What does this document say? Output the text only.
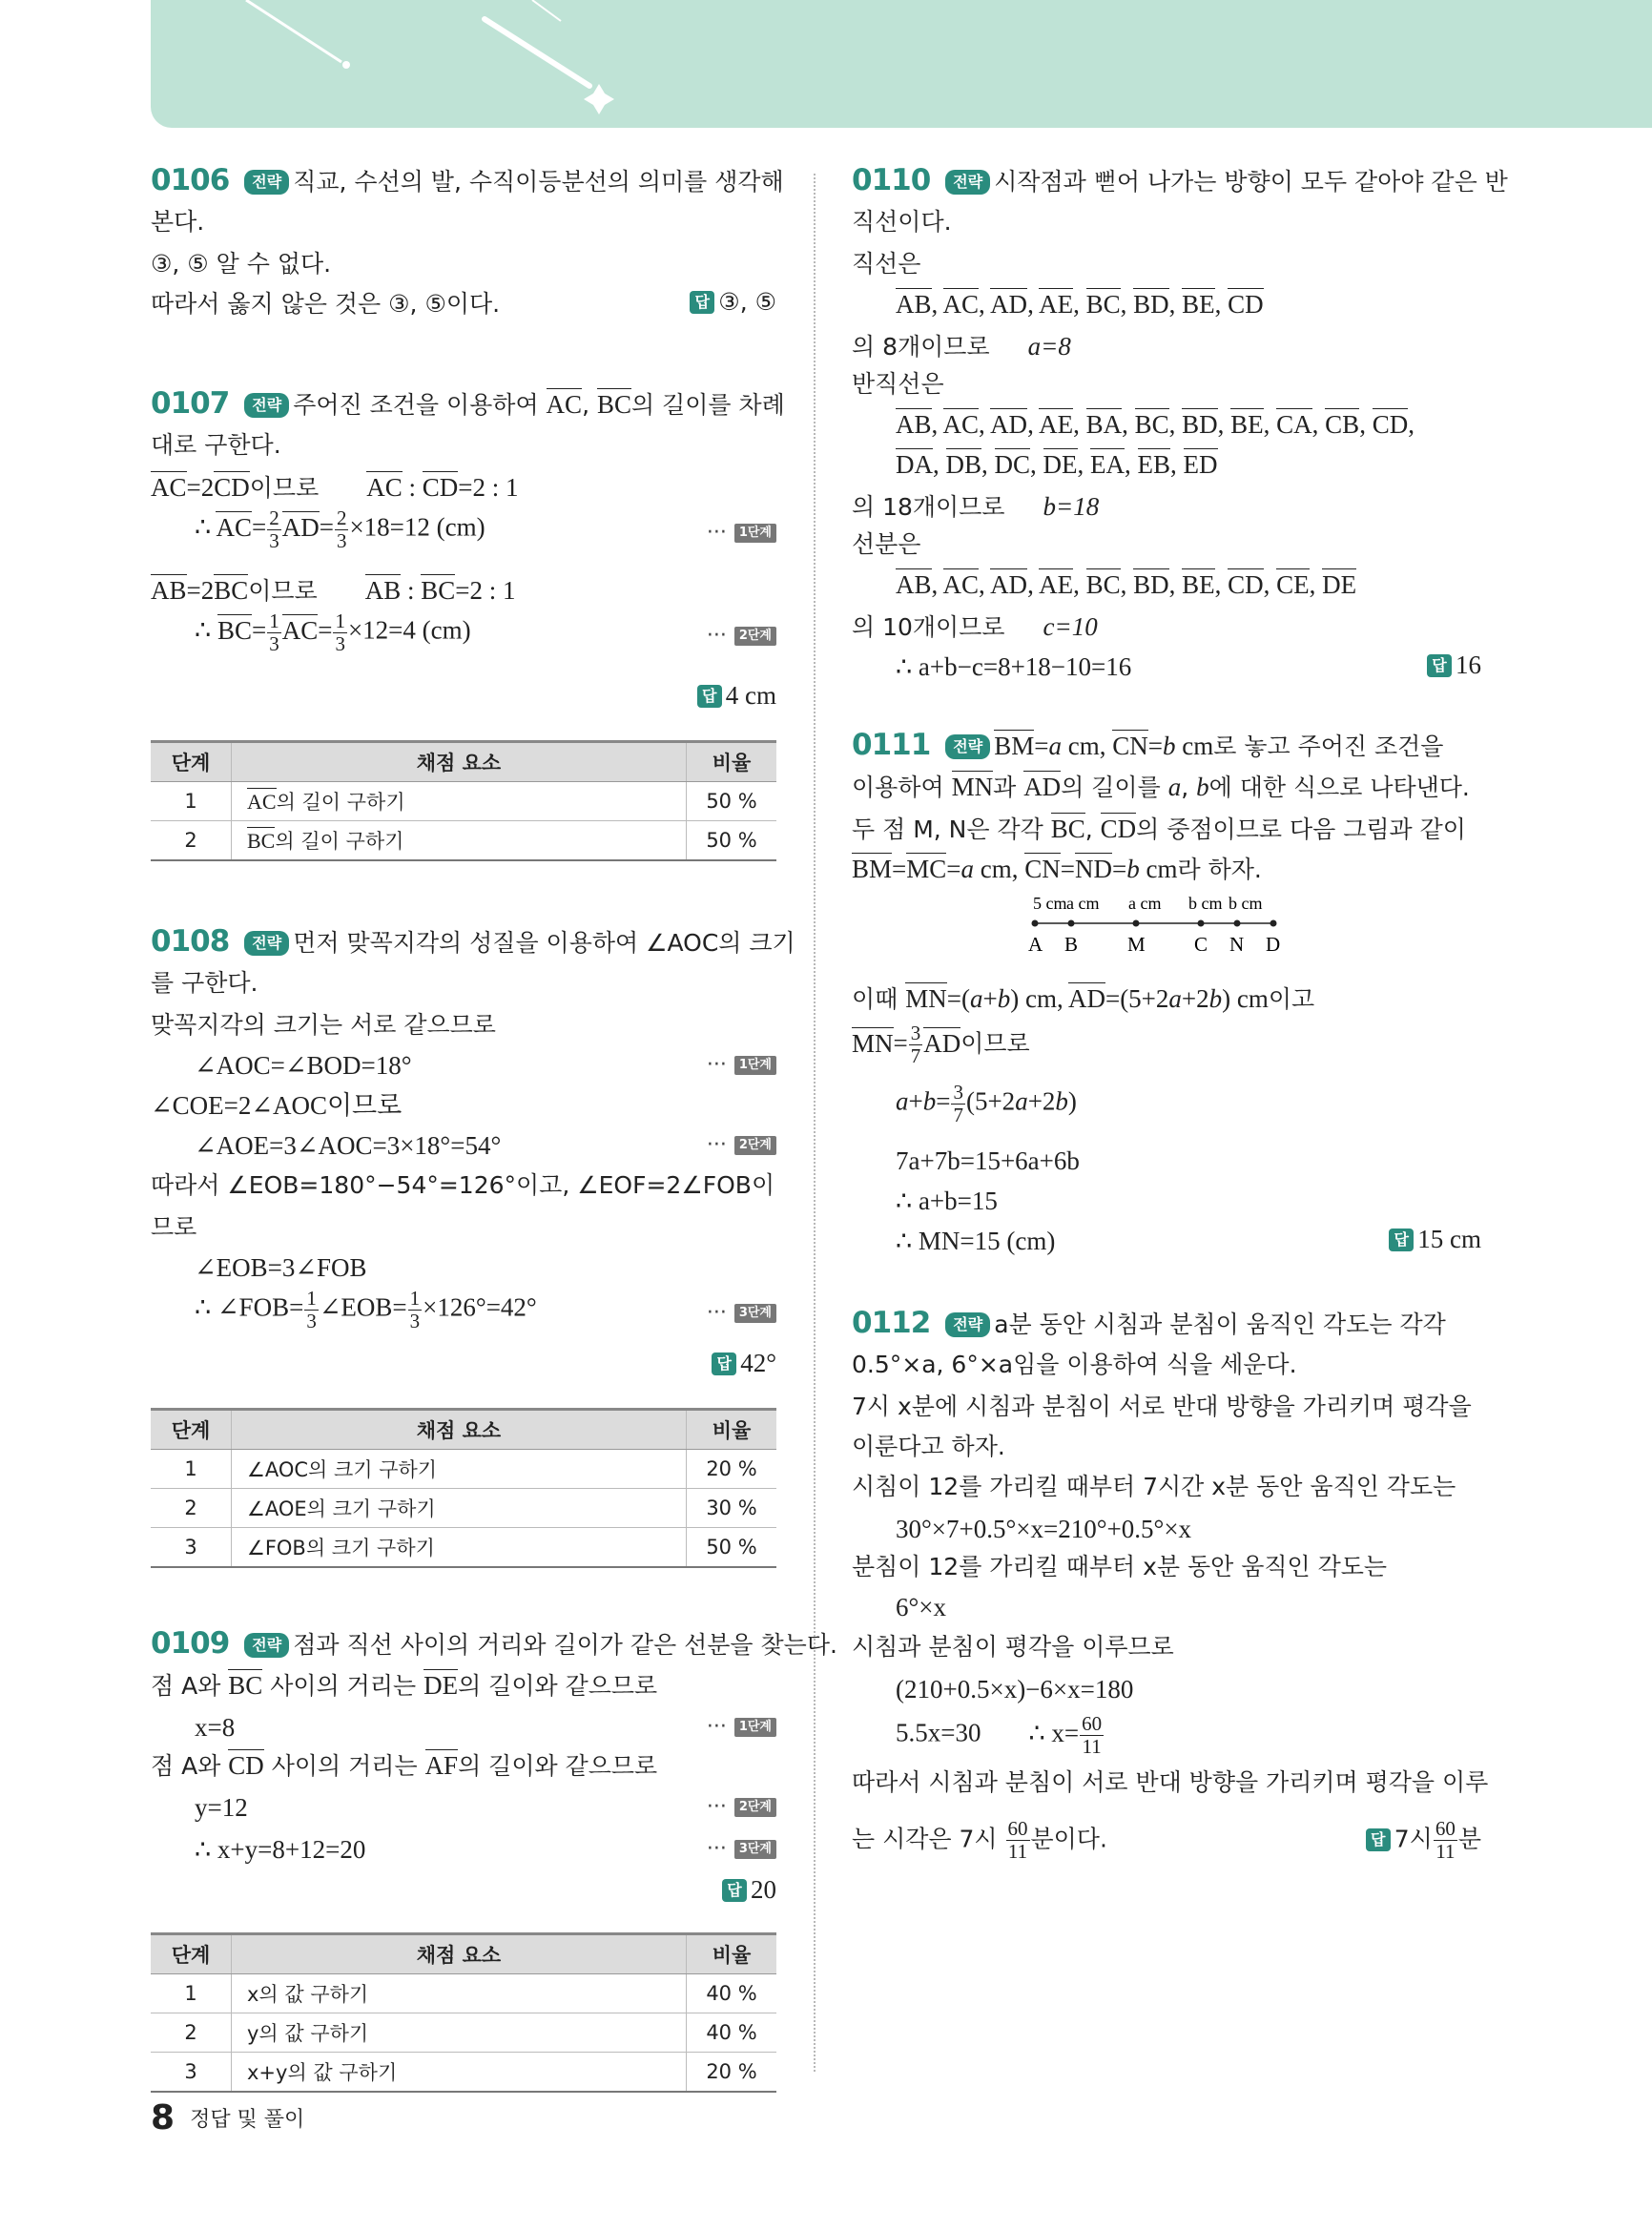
0106 전략 직교, 수선의 발, 수직이등분선의 의미를 생각해
본다.
③, ⑤ 알 수 없다.
따라서 옳지 않은 것은 ③, ⑤이다.	답 ③, ⑤
0107 전략 주어진 조건을 이용하여 AC, BC의 길이를 차례
대로 구한다.
AC=2CD이므로 AC : CD=2 : 1
∴ $AC= \frac{2}{3} AD= \frac{2}{3} \times 18=12$ (cm)	··· 1단계
AB=2BC이므로 AB : BC=2 : 1
∴ $BC= \frac{1}{3} AC= \frac{1}{3} \times 12=4$ (cm)	··· 2단계
답 4 cm
단계	채점 요소	비율
1	AC의 길이 구하기	50 %
2	BC의 길이 구하기	50 %
0108 전략 먼저 맞꼭지각의 성질을 이용하여 ∠AOC의 크기
를 구한다.
맞꼭지각의 크기는 서로 같으므로
∠AOC=∠BOD=18°	··· 1단계
∠COE=2∠AOC이므로
∠AOE=3∠AOC=3×18°=54°	··· 2단계
따라서 ∠EOB=180°−54°=126°이고, ∠EOF=2∠FOB이
므로
∠EOB=3∠FOB
∴ ∠FOB= $\frac{1}{3}$ ∠EOB= $\frac{1}{3} \times 126^\circ=42^\circ$	··· 3단계
답 42°
단계	채점 요소	비율
1	∠AOC의 크기 구하기	20 %
2	∠AOE의 크기 구하기	30 %
3	∠FOB의 크기 구하기	50 %
0109 전략 점과 직선 사이의 거리와 길이가 같은 선분을 찾는다.
점 A와 BC 사이의 거리는 DE의 길이와 같으므로
x=8	··· 1단계
점 A와 CD 사이의 거리는 AF의 길이와 같으므로
y=12	··· 2단계
∴ x+y=8+12=20	··· 3단계
답 20
단계	채점 요소	비율
1	x의 값 구하기	40 %
2	y의 값 구하기	40 %
3	x+y의 값 구하기	20 %
0110 전략 시작점과 뻗어 나가는 방향이 모두 같아야 같은 반
직선이다.
직선은
AB, AC, AD, AE, BC, BD, BE, CD
의 8개이므로 a=8
반직선은
AB, AC, AD, AE, BA, BC, BD, BE, CA, CB, CD,
DA, DB, DC, DE, EA, EB, ED
의 18개이므로 b=18
선분은
AB, AC, AD, AE, BC, BD, BE, CD, CE, DE
의 10개이므로 c=10
∴ a+b−c=8+18−10=16	답 16
0111 전략 BM=a cm, CN=b cm로 놓고 주어진 조건을
이용하여 MN과 AD의 길이를 a, b에 대한 식으로 나타낸다.
두 점 M, N은 각각 BC, CD의 중점이므로 다음 그림과 같이
BM=MC=a cm, CN=ND=b cm라 하자.
5 cm a cm a cm b cm b cm
A B M C N D
이때 MN=(a+b) cm, AD=(5+2a+2b) cm이고
$MN= \frac{3}{7}$ AD이므로
$a+b= \frac{3}{7} (5+2a+2b)$
7a+7b=15+6a+6b
∴ a+b=15
∴ MN=15 (cm)	답 15 cm
0112 전략 a분 동안 시침과 분침이 움직인 각도는 각각
0.5°×a, 6°×a임을 이용하여 식을 세운다.
7시 x분에 시침과 분침이 서로 반대 방향을 가리키며 평각을
이룬다고 하자.
시침이 12를 가리킬 때부터 7시간 x분 동안 움직인 각도는
30°×7+0.5°×x=210°+0.5°×x
분침이 12를 가리킬 때부터 x분 동안 움직인 각도는
6°×x
시침과 분침이 평각을 이루므로
(210+0.5×x)−6×x=180
5.5x=30 ∴ $x= \frac{60}{11}$
따라서 시침과 분침이 서로 반대 방향을 가리키며 평각을 이루
는 시각은 7시 $\frac{60}{11}$ 분이다.	답 7시 $\frac{60}{11}$ 분
8 정답 및 풀이
